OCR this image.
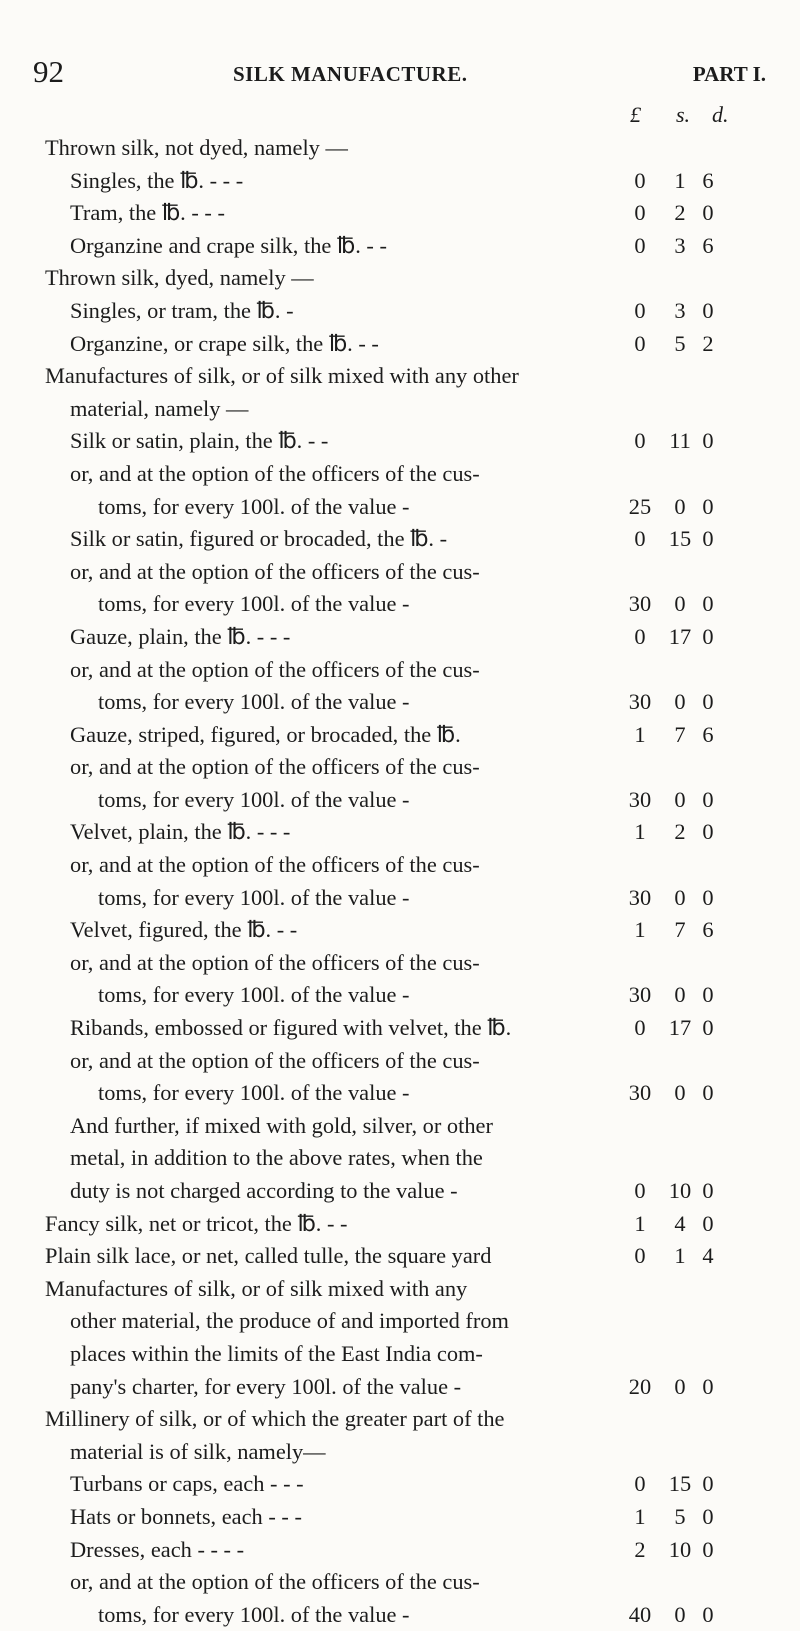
92	SILK MANUFACTURE.	PART I.
£ s. d.
Thrown silk, not dyed, namely —
Singles, the ℔. - - -	0	1 6
Tram, the ℔. - - -	0	2 0
Organzine and crape silk, the ℔. - -	0	3 6
Thrown silk, dyed, namely —
Singles, or tram, the ℔. -	0	3 0
Organzine, or crape silk, the ℔. - -	0	5 2
Manufactures of silk, or of silk mixed with any other
material, namely —
Silk or satin, plain, the ℔. - -	0	11 0
or, and at the option of the officers of the cus-
toms, for every 100l. of the value -	25	0 0
Silk or satin, figured or brocaded, the ℔. -	0	15 0
or, and at the option of the officers of the cus-
toms, for every 100l. of the value -	30	0 0
Gauze, plain, the ℔. - - -	0	17 0
or, and at the option of the officers of the cus-
toms, for every 100l. of the value -	30	0 0
Gauze, striped, figured, or brocaded, the ℔.	1	7 6
or, and at the option of the officers of the cus-
toms, for every 100l. of the value -	30	0 0
Velvet, plain, the ℔. - - -	1	2 0
or, and at the option of the officers of the cus-
toms, for every 100l. of the value -	30	0 0
Velvet, figured, the ℔. - -	1	7 6
or, and at the option of the officers of the cus-
toms, for every 100l. of the value -	30	0 0
Ribands, embossed or figured with velvet, the ℔.	0	17 0
or, and at the option of the officers of the cus-
toms, for every 100l. of the value -	30	0 0
And further, if mixed with gold, silver, or other
metal, in addition to the above rates, when the
duty is not charged according to the value -	0	10 0
Fancy silk, net or tricot, the ℔. - -	1	4 0
Plain silk lace, or net, called tulle, the square yard	0	1 4
Manufactures of silk, or of silk mixed with any
other material, the produce of and imported from
places within the limits of the East India com-
pany's charter, for every 100l. of the value -	20	0 0
Millinery of silk, or of which the greater part of the
material is of silk, namely—
Turbans or caps, each - - -	0	15 0
Hats or bonnets, each - - -	1	5 0
Dresses, each - - - -	2	10 0
or, and at the option of the officers of the cus-
toms, for every 100l. of the value -	40	0 0
